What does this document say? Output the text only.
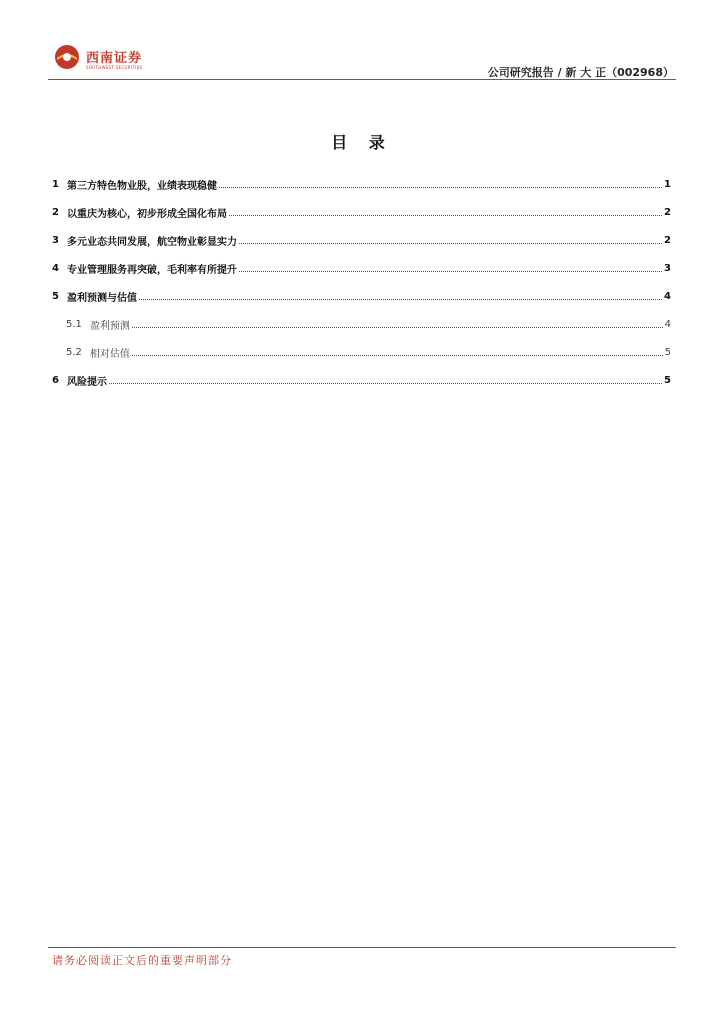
西南证券
SOUTHWEST SECURITIES	公司研究报告 / 新 大 正（002968）
目 录
1 第三方特色物业股，业绩表现稳健	1
2 以重庆为核心，初步形成全国化布局	2
3 多元业态共同发展，航空物业彰显实力	2
4 专业管理服务再突破，毛利率有所提升	3
5 盈利预测与估值	4
5.1 盈利预测	4
5.2 相对估值	5
6 风险提示	5
请务必阅读正文后的重要声明部分
